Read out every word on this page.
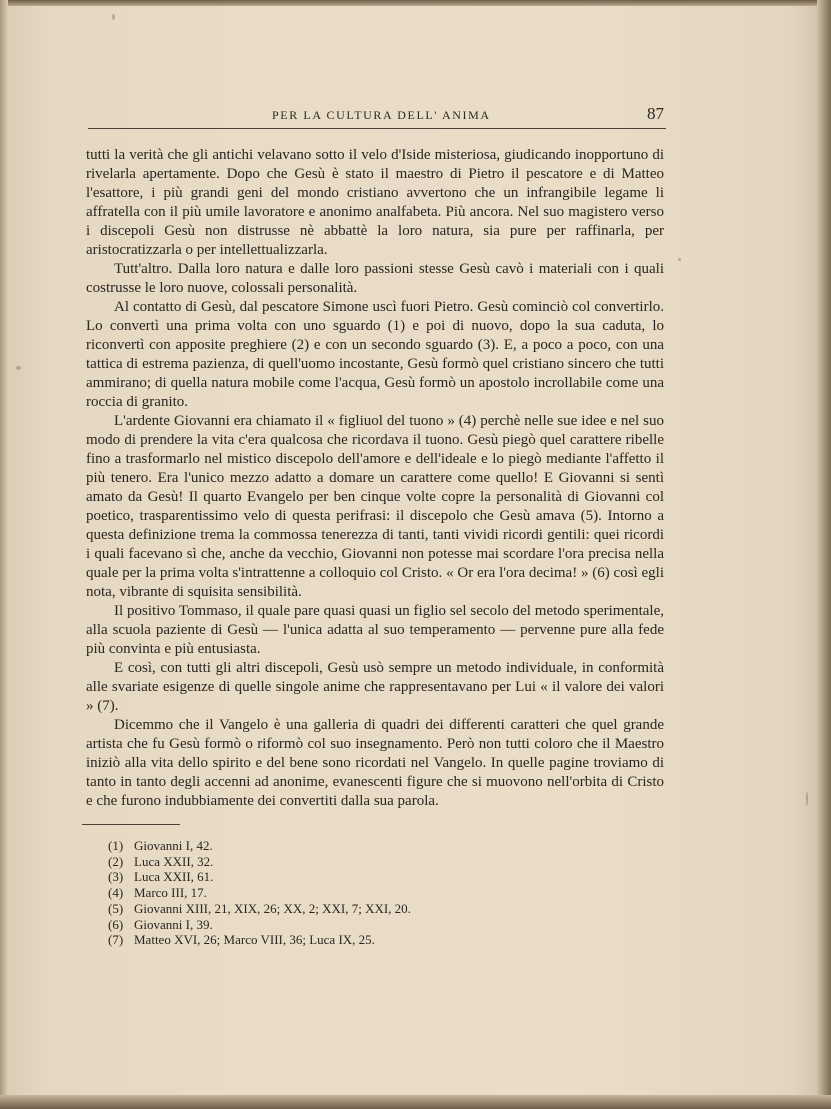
PER LA CULTURA DELL' ANIMA	87

tutti la verità che gli antichi velavano sotto il velo d'Iside misteriosa, giudicando inopportuno di rivelarla apertamente. Dopo che Gesù è stato il maestro di Pietro il pescatore e di Matteo l'esattore, i più grandi geni del mondo cristiano avvertono che un infrangibile legame li affratella con il più umile lavoratore e anonimo analfabeta. Più ancora. Nel suo magistero verso i discepoli Gesù non distrusse nè abbattè la loro natura, sia pure per raffinarla, per aristocratizzarla o per intellettualizzarla.

Tutt'altro. Dalla loro natura e dalle loro passioni stesse Gesù cavò i materiali con i quali costrusse le loro nuove, colossali personalità.

Al contatto di Gesù, dal pescatore Simone uscì fuori Pietro. Gesù cominciò col convertirlo. Lo convertì una prima volta con uno sguardo (1) e poi di nuovo, dopo la sua caduta, lo riconvertì con apposite preghiere (2) e con un secondo sguardo (3). E, a poco a poco, con una tattica di estrema pazienza, di quell'uomo incostante, Gesù formò quel cristiano sincero che tutti ammirano; di quella natura mobile come l'acqua, Gesù formò un apostolo incrollabile come una roccia di granito.

L'ardente Giovanni era chiamato il « figliuol del tuono » (4) perchè nelle sue idee e nel suo modo di prendere la vita c'era qualcosa che ricordava il tuono. Gesù piegò quel carattere ribelle fino a trasformarlo nel mistico discepolo dell'amore e dell'ideale e lo piegò mediante l'affetto il più tenero. Era l'unico mezzo adatto a domare un carattere come quello! E Giovanni si sentì amato da Gesù! Il quarto Evangelo per ben cinque volte copre la personalità di Giovanni col poetico, trasparentissimo velo di questa perifrasi: il discepolo che Gesù amava (5). Intorno a questa definizione trema la commossa tenerezza di tanti, tanti vividi ricordi gentili: quei ricordi i quali facevano sì che, anche da vecchio, Giovanni non potesse mai scordare l'ora precisa nella quale per la prima volta s'intrattenne a colloquio col Cristo. « Or era l'ora decima! » (6) così egli nota, vibrante di squisita sensibilità.

Il positivo Tommaso, il quale pare quasi quasi un figlio sel secolo del metodo sperimentale, alla scuola paziente di Gesù — l'unica adatta al suo temperamento — pervenne pure alla fede più convinta e più entusiasta.

E così, con tutti gli altri discepoli, Gesù usò sempre un metodo individuale, in conformità alle svariate esigenze di quelle singole anime che rappresentavano per Lui « il valore dei valori » (7).

Dicemmo che il Vangelo è una galleria di quadri dei differenti caratteri che quel grande artista che fu Gesù formò o riformò col suo insegnamento. Però non tutti coloro che il Maestro iniziò alla vita dello spirito e del bene sono ricordati nel Vangelo. In quelle pagine troviamo di tanto in tanto degli accenni ad anonime, evanescenti figure che si muovono nell'orbita di Cristo e che furono indubbiamente dei convertiti dalla sua parola.

(1) Giovanni I, 42.
(2) Luca XXII, 32.
(3) Luca XXII, 61.
(4) Marco III, 17.
(5) Giovanni XIII, 21, XIX, 26; XX, 2; XXI, 7; XXI, 20.
(6) Giovanni I, 39.
(7) Matteo XVI, 26; Marco VIII, 36; Luca IX, 25.
